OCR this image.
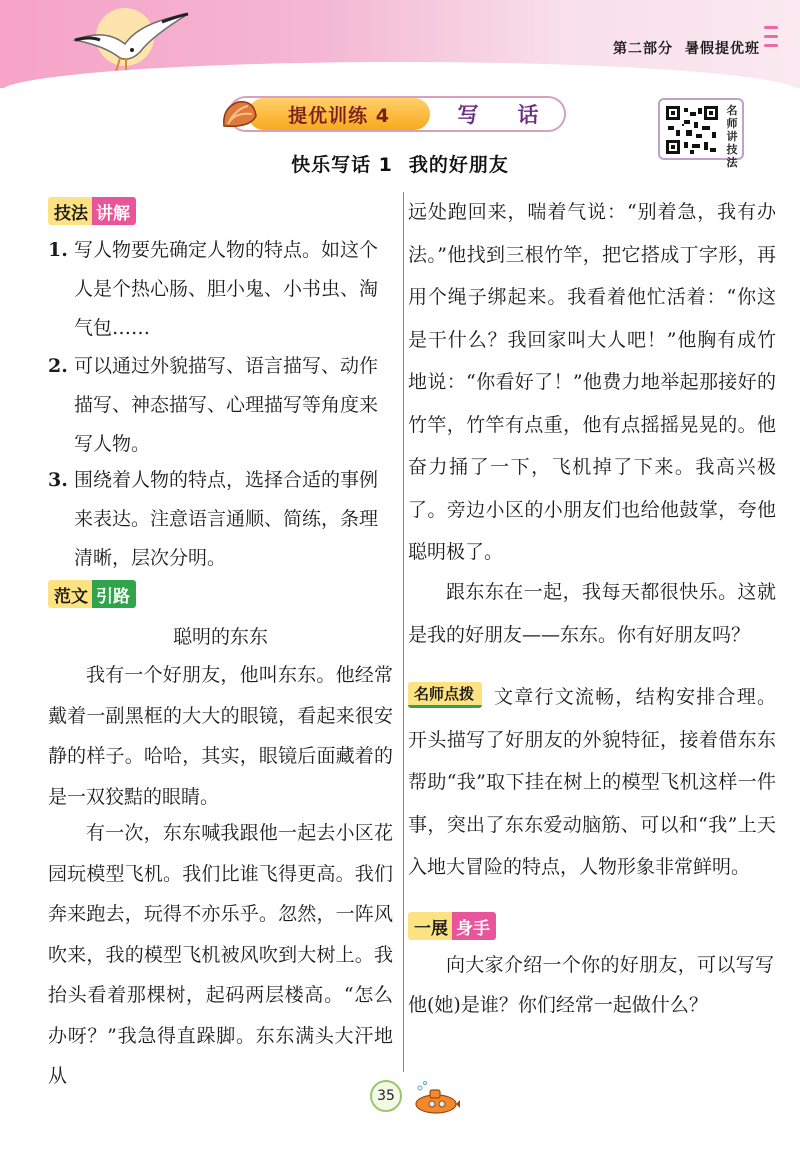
第二部分 暑假提优班
提优训练 4	写 话	名
师
讲
技
法
快乐写话 1 我的好朋友
技法 讲解
1. 写人物要先确定人物的特点。如这个人是个热心肠、胆小鬼、小书虫、淘气包……
2. 可以通过外貌描写、语言描写、动作描写、神态描写、心理描写等角度来写人物。
3. 围绕着人物的特点，选择合适的事例来表达。注意语言通顺、简练，条理清晰，层次分明。
范文 引路
聪明的东东
我有一个好朋友，他叫东东。他经常戴着一副黑框的大大的眼镜，看起来很安静的样子。哈哈，其实，眼镜后面藏着的是一双狡黠的眼睛。
有一次，东东喊我跟他一起去小区花园玩模型飞机。我们比谁飞得更高。我们奔来跑去，玩得不亦乐乎。忽然，一阵风吹来，我的模型飞机被风吹到大树上。我抬头看着那棵树，起码两层楼高。“怎么办呀？”我急得直跺脚。东东满头大汗地从
远处跑回来，喘着气说：“别着急，我有办法。”他找到三根竹竿，把它搭成丁字形，再用个绳子绑起来。我看着他忙活着：“你这是干什么？我回家叫大人吧！”他胸有成竹地说：“你看好了！”他费力地举起那接好的竹竿，竹竿有点重，他有点摇摇晃晃的。他奋力捅了一下，飞机掉了下来。我高兴极了。旁边小区的小朋友们也给他鼓掌，夸他聪明极了。
跟东东在一起，我每天都很快乐。这就是我的好朋友——东东。你有好朋友吗？
名师点拨	文章行文流畅，结构安排合理。开头描写了好朋友的外貌特征，接着借东东帮助“我”取下挂在树上的模型飞机这样一件事，突出了东东爱动脑筋、可以和“我”上天入地大冒险的特点，人物形象非常鲜明。
一展 身手
向大家介绍一个你的好朋友，可以写写他(她)是谁？你们经常一起做什么？
35
